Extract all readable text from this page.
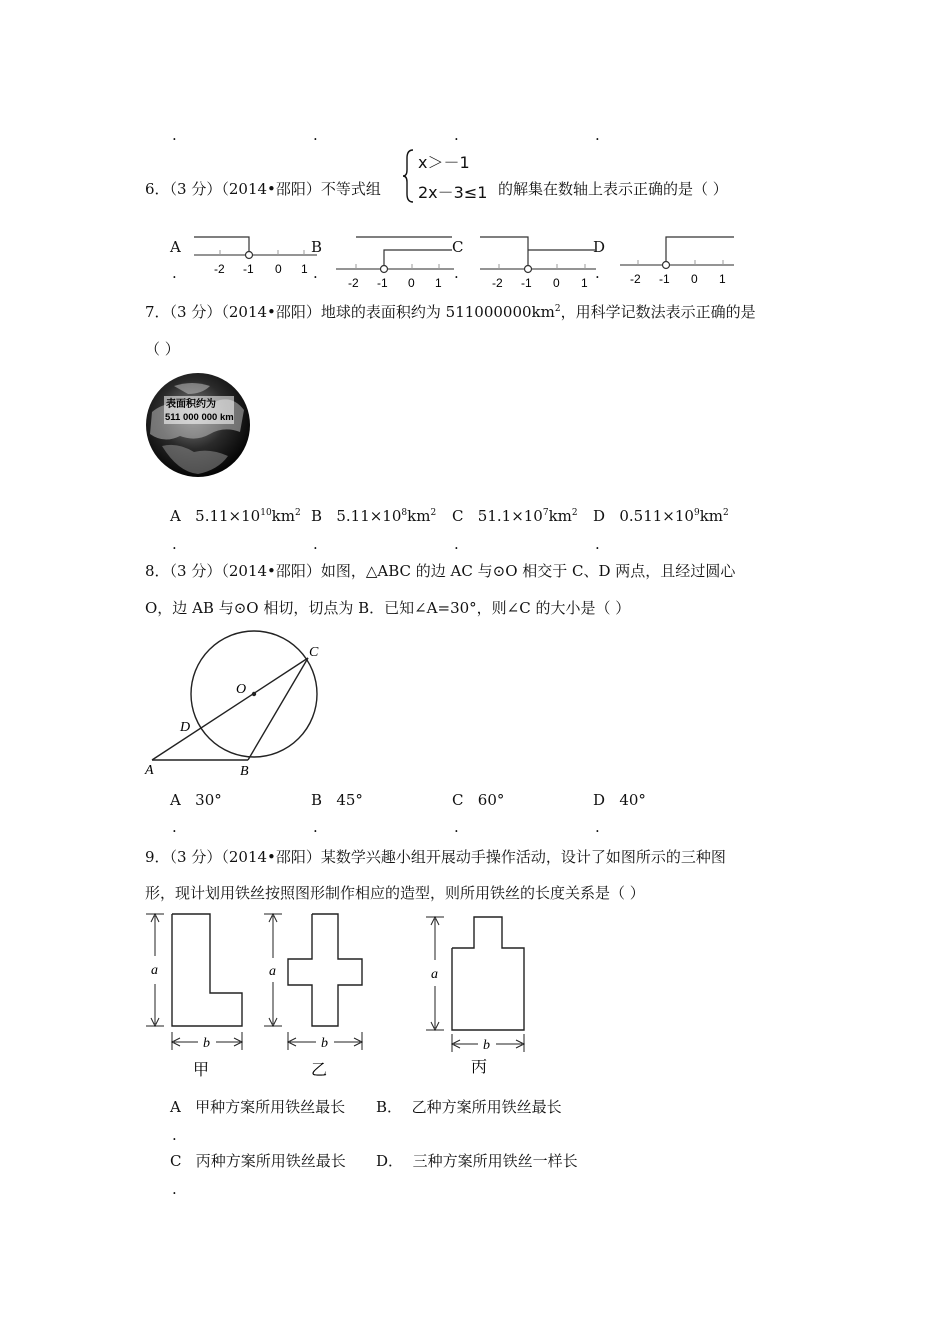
.	.	.	.
6．（3 分）（2014•邵阳）不等式组
x＞－1
2x－3≤1 的解集在数轴上表示正确的是（ ）
A	B	C	D
.	.	.	.
-2 -1 0 1
-2 -1 0 1	-2 -1 0 1	-2 -1 0 1
7．（3 分）（2014•邵阳）地球的表面积约为 $511000000km^2$，用科学记数法表示正确的是
（ ）
表面积约为
511 000 000 km
A $5.11\times 10^{10}km^2$ B $5.11\times 10^8km^2$ C $51.1\times 10^7km^2$ D $0.511\times 10^9km^2$
.	.	.	.
8．（3 分）（2014•邵阳）如图，△ABC 的边 AC 与⊙O 相交于 C、D 两点，且经过圆心
O，边 AB 与⊙O 相切，切点为 B．已知∠A=30°，则∠C 的大小是（ ）
A	B
C
D
O
A 30°	B 45°	C 60°	D 40°
.	.	.	.
9．（3 分）（2014•邵阳）某数学兴趣小组开展动手操作活动，设计了如图所示的三种图
形，现计划用铁丝按照图形制作相应的造型，则所用铁丝的长度关系是（ ）
a
b
甲
a
b
乙
a
b
丙
A 甲种方案所用铁丝最长 B． 乙种方案所用铁丝最长
.
C 丙种方案所用铁丝最长 D． 三种方案所用铁丝一样长
.
